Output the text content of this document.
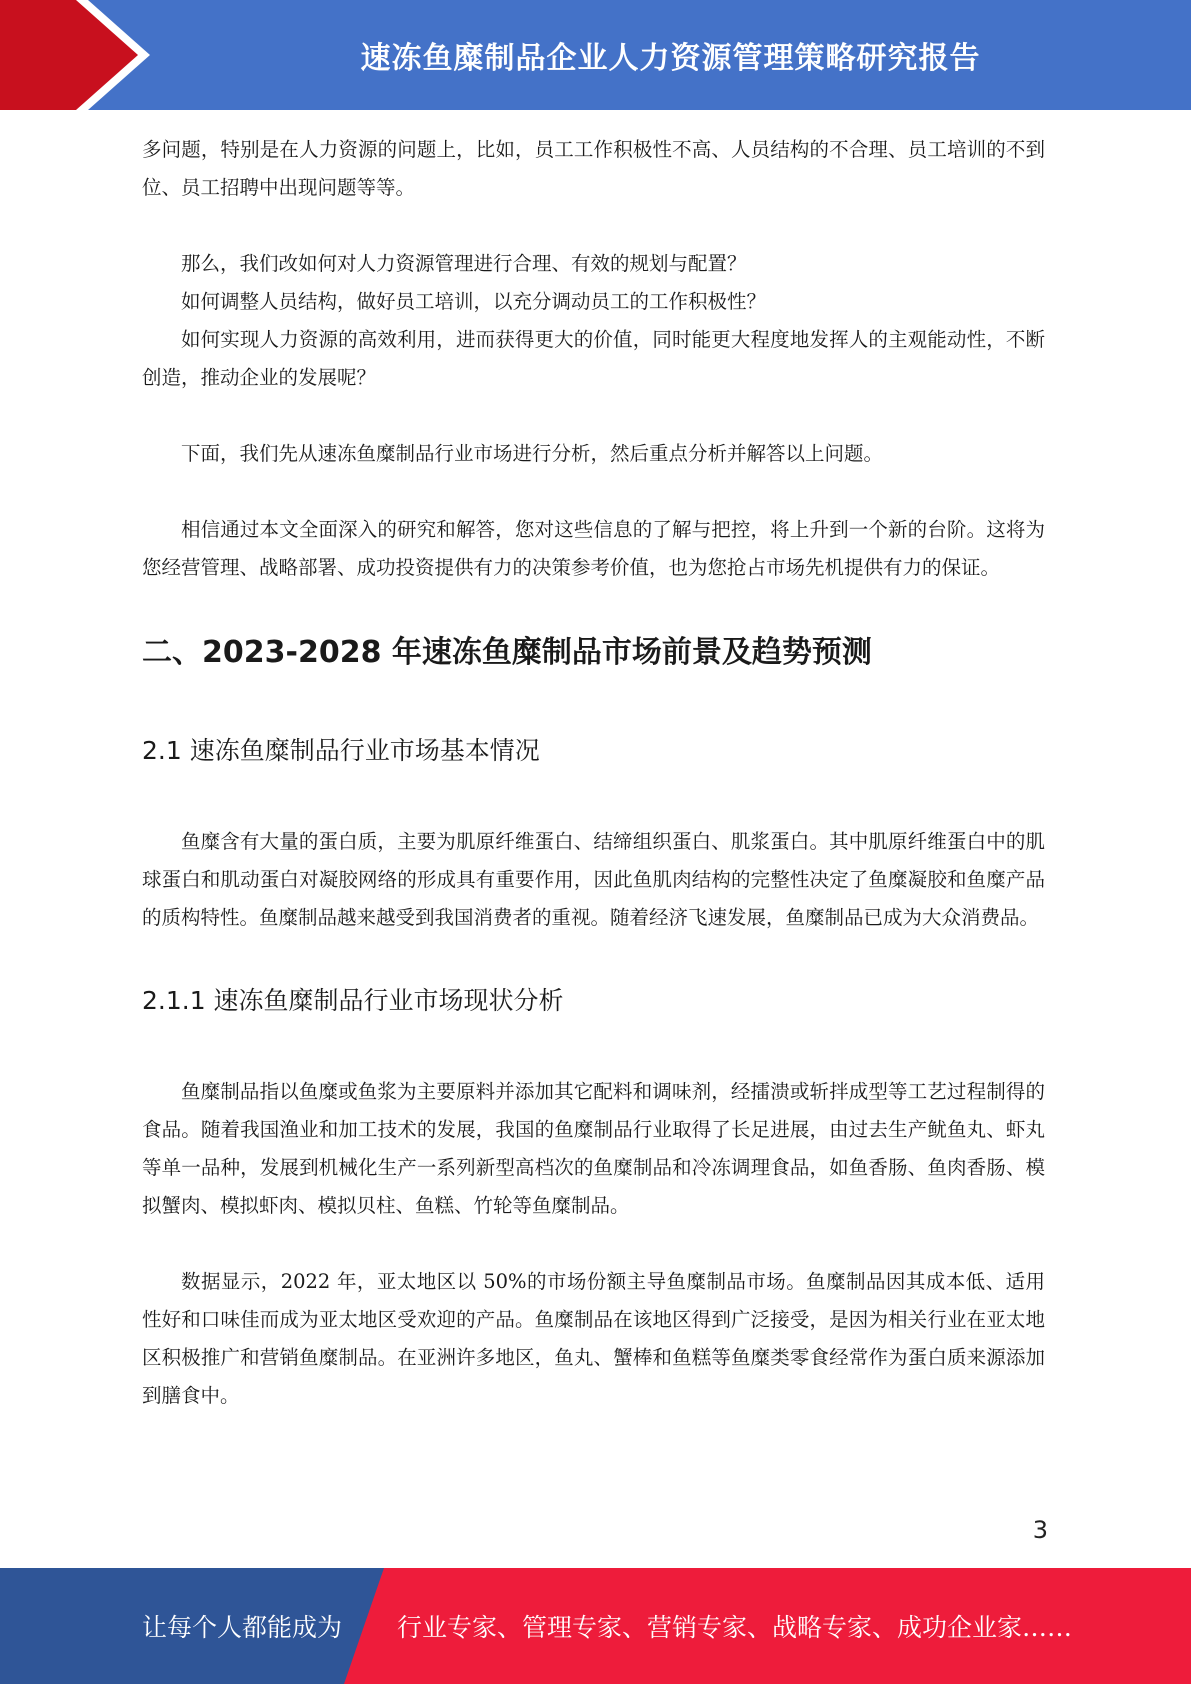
速冻鱼糜制品企业人力资源管理策略研究报告

多问题，特别是在人力资源的问题上，比如，员工工作积极性不高、人员结构的不合理、员工培训的不到位、员工招聘中出现问题等等。

那么，我们改如何对人力资源管理进行合理、有效的规划与配置？

如何调整人员结构，做好员工培训，以充分调动员工的工作积极性？

如何实现人力资源的高效利用，进而获得更大的价值，同时能更大程度地发挥人的主观能动性，不断创造，推动企业的发展呢？

下面，我们先从速冻鱼糜制品行业市场进行分析，然后重点分析并解答以上问题。

相信通过本文全面深入的研究和解答，您对这些信息的了解与把控，将上升到一个新的台阶。这将为您经营管理、战略部署、成功投资提供有力的决策参考价值，也为您抢占市场先机提供有力的保证。

二、2023-2028 年速冻鱼糜制品市场前景及趋势预测
2.1 速冻鱼糜制品行业市场基本情况

鱼糜含有大量的蛋白质，主要为肌原纤维蛋白、结缔组织蛋白、肌浆蛋白。其中肌原纤维蛋白中的肌球蛋白和肌动蛋白对凝胶网络的形成具有重要作用，因此鱼肌肉结构的完整性决定了鱼糜凝胶和鱼糜产品的质构特性。鱼糜制品越来越受到我国消费者的重视。随着经济飞速发展，鱼糜制品已成为大众消费品。

2.1.1 速冻鱼糜制品行业市场现状分析

鱼糜制品指以鱼糜或鱼浆为主要原料并添加其它配料和调味剂，经擂溃或斩拌成型等工艺过程制得的食品。随着我国渔业和加工技术的发展，我国的鱼糜制品行业取得了长足进展，由过去生产鱿鱼丸、虾丸等单一品种，发展到机械化生产一系列新型高档次的鱼糜制品和冷冻调理食品，如鱼香肠、鱼肉香肠、模拟蟹肉、模拟虾肉、模拟贝柱、鱼糕、竹轮等鱼糜制品。

数据显示，2022 年，亚太地区以 50%的市场份额主导鱼糜制品市场。鱼糜制品因其成本低、适用性好和口味佳而成为亚太地区受欢迎的产品。鱼糜制品在该地区得到广泛接受，是因为相关行业在亚太地区积极推广和营销鱼糜制品。在亚洲许多地区，鱼丸、蟹棒和鱼糕等鱼糜类零食经常作为蛋白质来源添加到膳食中。

3
让每个人都能成为 行业专家、管理专家、营销专家、战略专家、成功企业家……
